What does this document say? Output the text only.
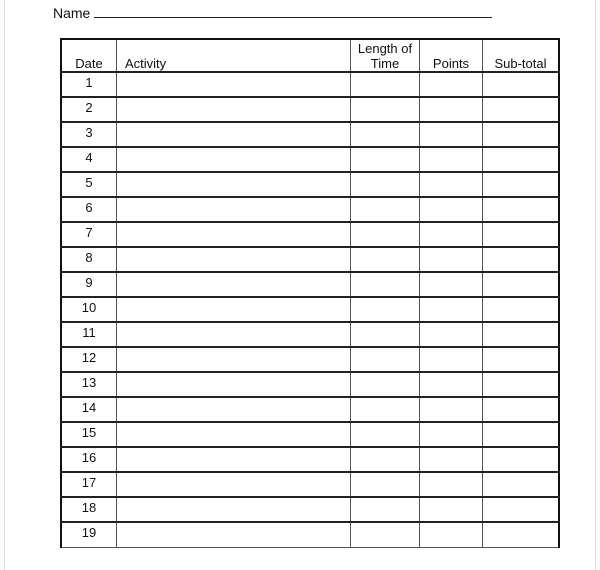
Name
Date	Activity	Length of Time	Points	Sub-total
1				
2				
3				
4				
5				
6				
7				
8				
9				
10				
11				
12				
13				
14				
15				
16				
17				
18				
19				
